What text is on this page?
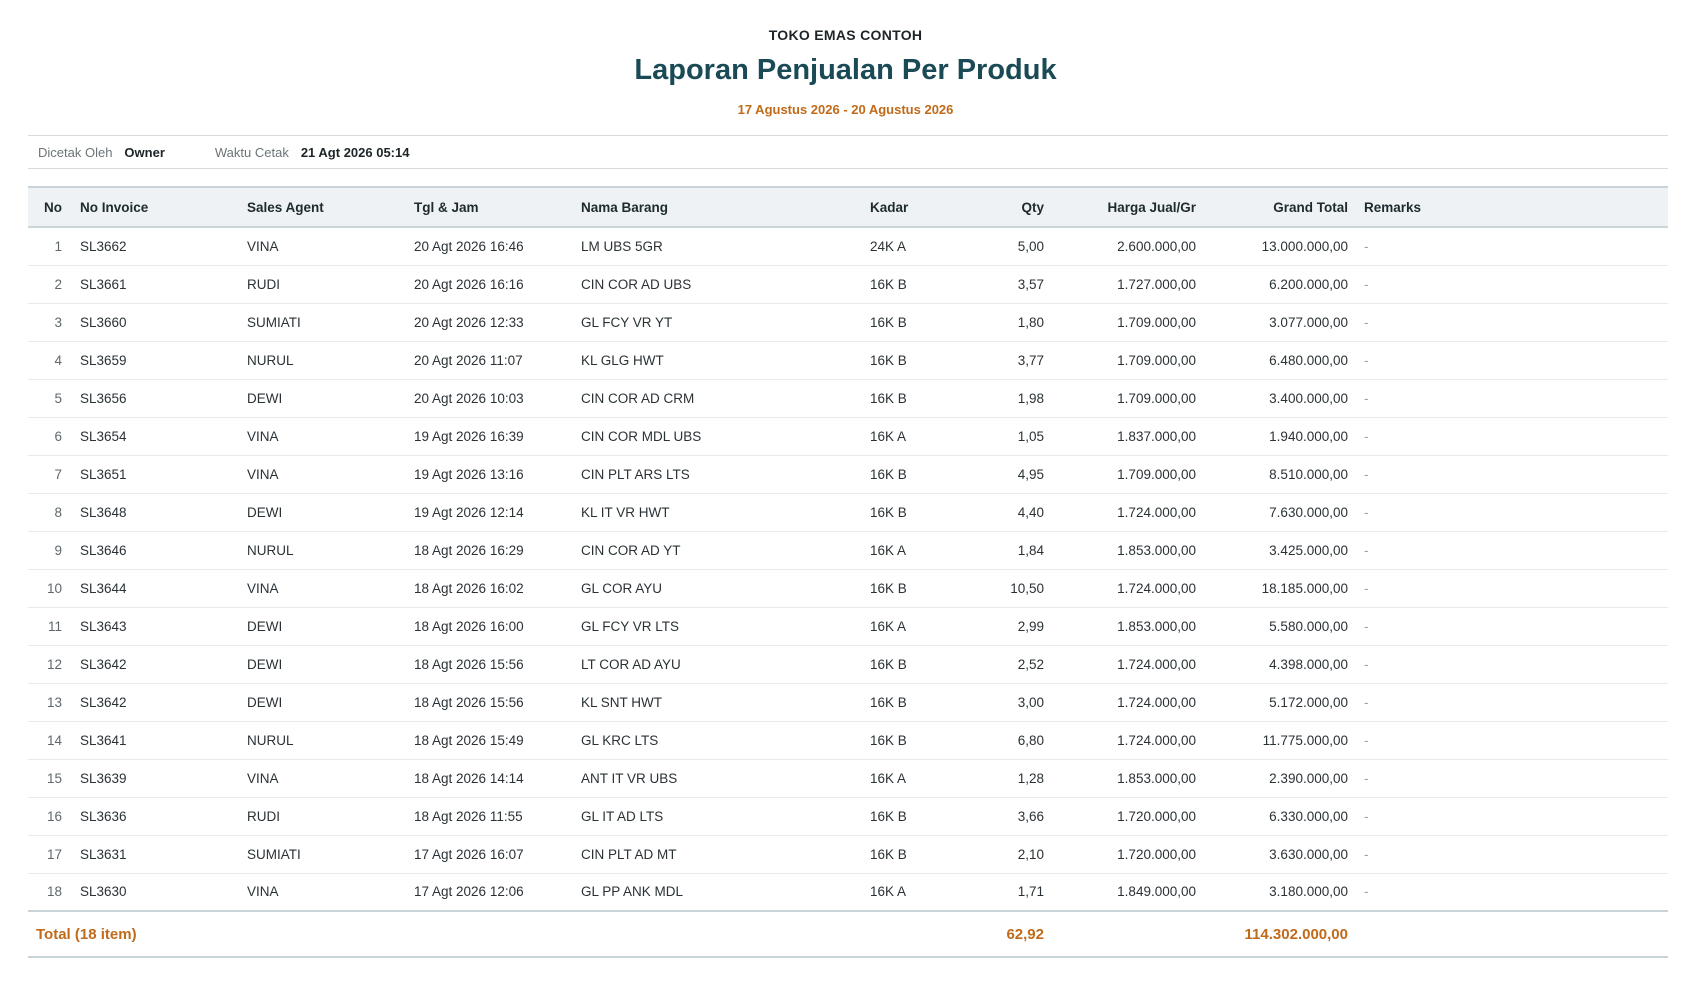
TOKO EMAS CONTOH
Laporan Penjualan Per Produk
17 Agustus 2026 - 20 Agustus 2026
Dicetak Oleh Owner	Waktu Cetak 21 Agt 2026 05:14
No	No Invoice	Sales Agent	Tgl & Jam	Nama Barang	Kadar	Qty	Harga Jual/Gr	Grand Total	Remarks
1	SL3662	VINA	20 Agt 2026 16:46	LM UBS 5GR	24K A	5,00	2.600.000,00	13.000.000,00	-
2	SL3661	RUDI	20 Agt 2026 16:16	CIN COR AD UBS	16K B	3,57	1.727.000,00	6.200.000,00	-
3	SL3660	SUMIATI	20 Agt 2026 12:33	GL FCY VR YT	16K B	1,80	1.709.000,00	3.077.000,00	-
4	SL3659	NURUL	20 Agt 2026 11:07	KL GLG HWT	16K B	3,77	1.709.000,00	6.480.000,00	-
5	SL3656	DEWI	20 Agt 2026 10:03	CIN COR AD CRM	16K B	1,98	1.709.000,00	3.400.000,00	-
6	SL3654	VINA	19 Agt 2026 16:39	CIN COR MDL UBS	16K A	1,05	1.837.000,00	1.940.000,00	-
7	SL3651	VINA	19 Agt 2026 13:16	CIN PLT ARS LTS	16K B	4,95	1.709.000,00	8.510.000,00	-
8	SL3648	DEWI	19 Agt 2026 12:14	KL IT VR HWT	16K B	4,40	1.724.000,00	7.630.000,00	-
9	SL3646	NURUL	18 Agt 2026 16:29	CIN COR AD YT	16K A	1,84	1.853.000,00	3.425.000,00	-
10	SL3644	VINA	18 Agt 2026 16:02	GL COR AYU	16K B	10,50	1.724.000,00	18.185.000,00	-
11	SL3643	DEWI	18 Agt 2026 16:00	GL FCY VR LTS	16K A	2,99	1.853.000,00	5.580.000,00	-
12	SL3642	DEWI	18 Agt 2026 15:56	LT COR AD AYU	16K B	2,52	1.724.000,00	4.398.000,00	-
13	SL3642	DEWI	18 Agt 2026 15:56	KL SNT HWT	16K B	3,00	1.724.000,00	5.172.000,00	-
14	SL3641	NURUL	18 Agt 2026 15:49	GL KRC LTS	16K B	6,80	1.724.000,00	11.775.000,00	-
15	SL3639	VINA	18 Agt 2026 14:14	ANT IT VR UBS	16K A	1,28	1.853.000,00	2.390.000,00	-
16	SL3636	RUDI	18 Agt 2026 11:55	GL IT AD LTS	16K B	3,66	1.720.000,00	6.330.000,00	-
17	SL3631	SUMIATI	17 Agt 2026 16:07	CIN PLT AD MT	16K B	2,10	1.720.000,00	3.630.000,00	-
18	SL3630	VINA	17 Agt 2026 12:06	GL PP ANK MDL	16K A	1,71	1.849.000,00	3.180.000,00	-
Total (18 item)						62,92		114.302.000,00	
